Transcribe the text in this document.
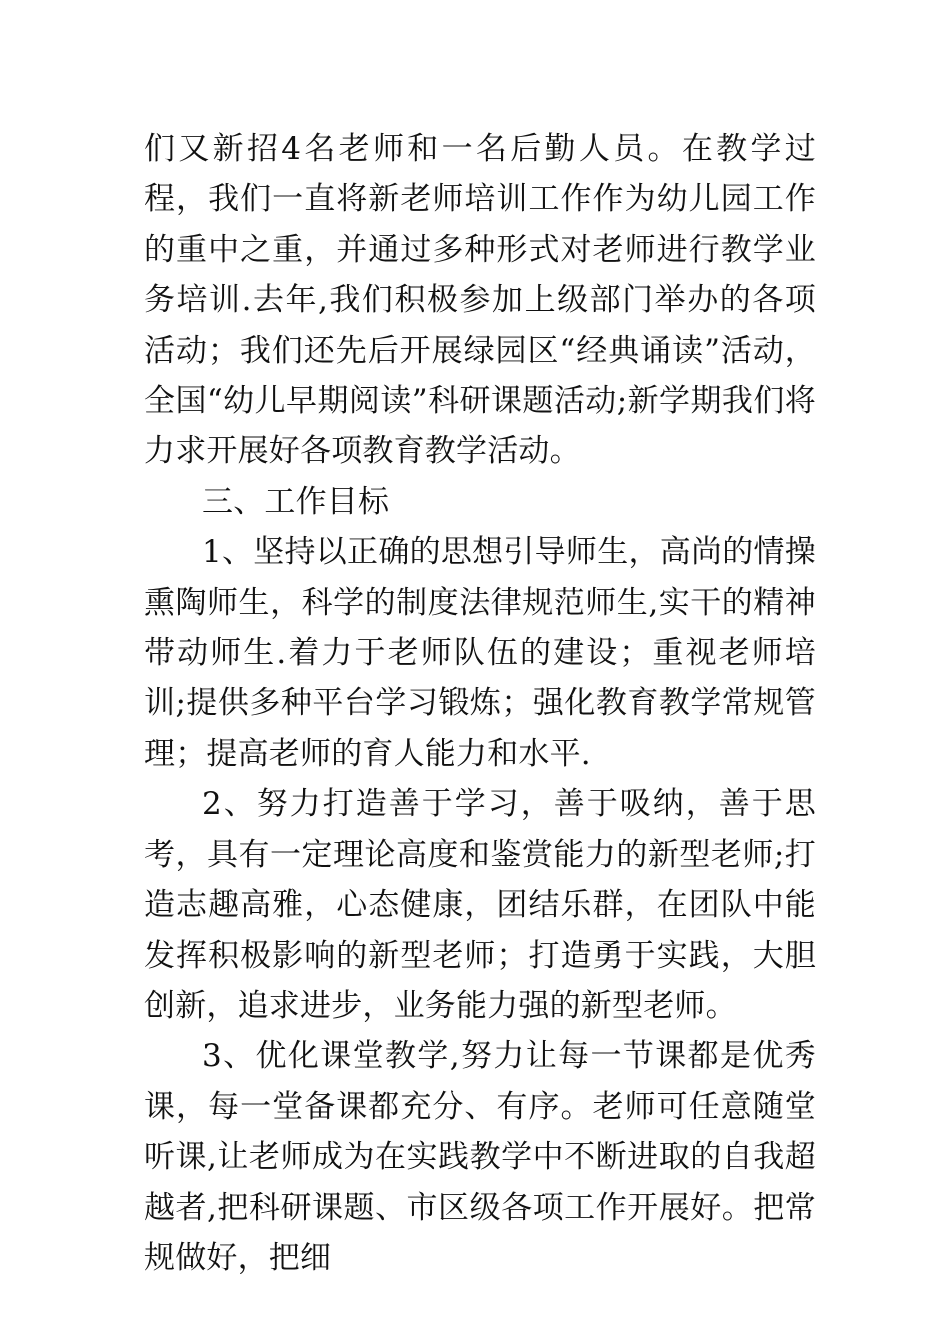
们又新招4名老师和一名后勤人员。在教学过程，我们一直将新老师培训工作作为幼儿园工作的重中之重，并通过多种形式对老师进行教学业务培训.去年,我们积极参加上级部门举办的各项活动；我们还先后开展绿园区“经典诵读”活动，全国“幼儿早期阅读”科研课题活动;新学期我们将力求开展好各项教育教学活动。

三、工作目标

1、坚持以正确的思想引导师生，高尚的情操熏陶师生，科学的制度法律规范师生,实干的精神带动师生.着力于老师队伍的建设；重视老师培训;提供多种平台学习锻炼；强化教育教学常规管理；提高老师的育人能力和水平.

2、努力打造善于学习，善于吸纳，善于思考，具有一定理论高度和鉴赏能力的新型老师;打造志趣高雅，心态健康，团结乐群，在团队中能发挥积极影响的新型老师；打造勇于实践，大胆创新，追求进步，业务能力强的新型老师。

3、优化课堂教学,努力让每一节课都是优秀课，每一堂备课都充分、有序。老师可任意随堂听课,让老师成为在实践教学中不断进取的自我超越者,把科研课题、市区级各项工作开展好。把常规做好，把细
